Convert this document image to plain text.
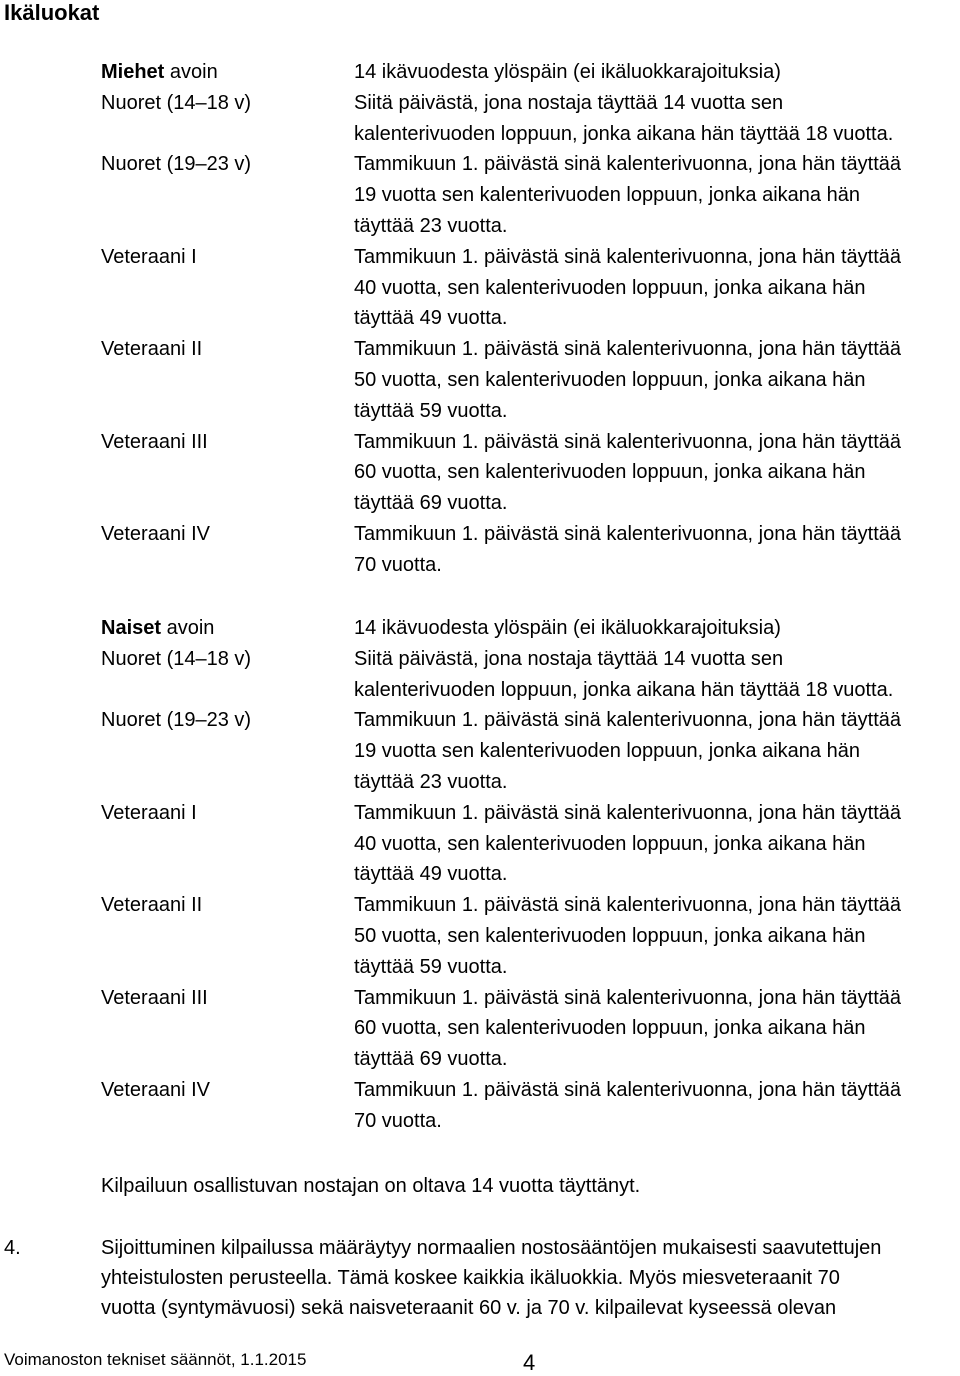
Ikäluokat
Miehet avoin	14 ikävuodesta ylöspäin (ei ikäluokkarajoituksia)
Nuoret (14–18 v)	Siitä päivästä, jona nostaja täyttää 14 vuotta sen
kalenterivuoden loppuun, jonka aikana hän täyttää 18 vuotta.
Nuoret (19–23 v)	Tammikuun 1. päivästä sinä kalenterivuonna, jona hän täyttää
19 vuotta sen kalenterivuoden loppuun, jonka aikana hän
täyttää 23 vuotta.
Veteraani I	Tammikuun 1. päivästä sinä kalenterivuonna, jona hän täyttää
40 vuotta, sen kalenterivuoden loppuun, jonka aikana hän
täyttää 49 vuotta.
Veteraani II	Tammikuun 1. päivästä sinä kalenterivuonna, jona hän täyttää
50 vuotta, sen kalenterivuoden loppuun, jonka aikana hän
täyttää 59 vuotta.
Veteraani III	Tammikuun 1. päivästä sinä kalenterivuonna, jona hän täyttää
60 vuotta, sen kalenterivuoden loppuun, jonka aikana hän
täyttää 69 vuotta.
Veteraani IV	Tammikuun 1. päivästä sinä kalenterivuonna, jona hän täyttää
70 vuotta.
Naiset avoin	14 ikävuodesta ylöspäin (ei ikäluokkarajoituksia)
Nuoret (14–18 v)	Siitä päivästä, jona nostaja täyttää 14 vuotta sen
kalenterivuoden loppuun, jonka aikana hän täyttää 18 vuotta.
Nuoret (19–23 v)	Tammikuun 1. päivästä sinä kalenterivuonna, jona hän täyttää
19 vuotta sen kalenterivuoden loppuun, jonka aikana hän
täyttää 23 vuotta.
Veteraani I	Tammikuun 1. päivästä sinä kalenterivuonna, jona hän täyttää
40 vuotta, sen kalenterivuoden loppuun, jonka aikana hän
täyttää 49 vuotta.
Veteraani II	Tammikuun 1. päivästä sinä kalenterivuonna, jona hän täyttää
50 vuotta, sen kalenterivuoden loppuun, jonka aikana hän
täyttää 59 vuotta.
Veteraani III	Tammikuun 1. päivästä sinä kalenterivuonna, jona hän täyttää
60 vuotta, sen kalenterivuoden loppuun, jonka aikana hän
täyttää 69 vuotta.
Veteraani IV	Tammikuun 1. päivästä sinä kalenterivuonna, jona hän täyttää
70 vuotta.
Kilpailuun osallistuvan nostajan on oltava 14 vuotta täyttänyt.
4.	Sijoittuminen kilpailussa määräytyy normaalien nostosääntöjen mukaisesti saavutettujen
yhteistulosten perusteella. Tämä koskee kaikkia ikäluokkia. Myös miesveteraanit 70
vuotta (syntymävuosi) sekä naisveteraanit 60 v. ja 70 v. kilpailevat kyseessä olevan
Voimanoston tekniset säännöt, 1.1.2015	4
